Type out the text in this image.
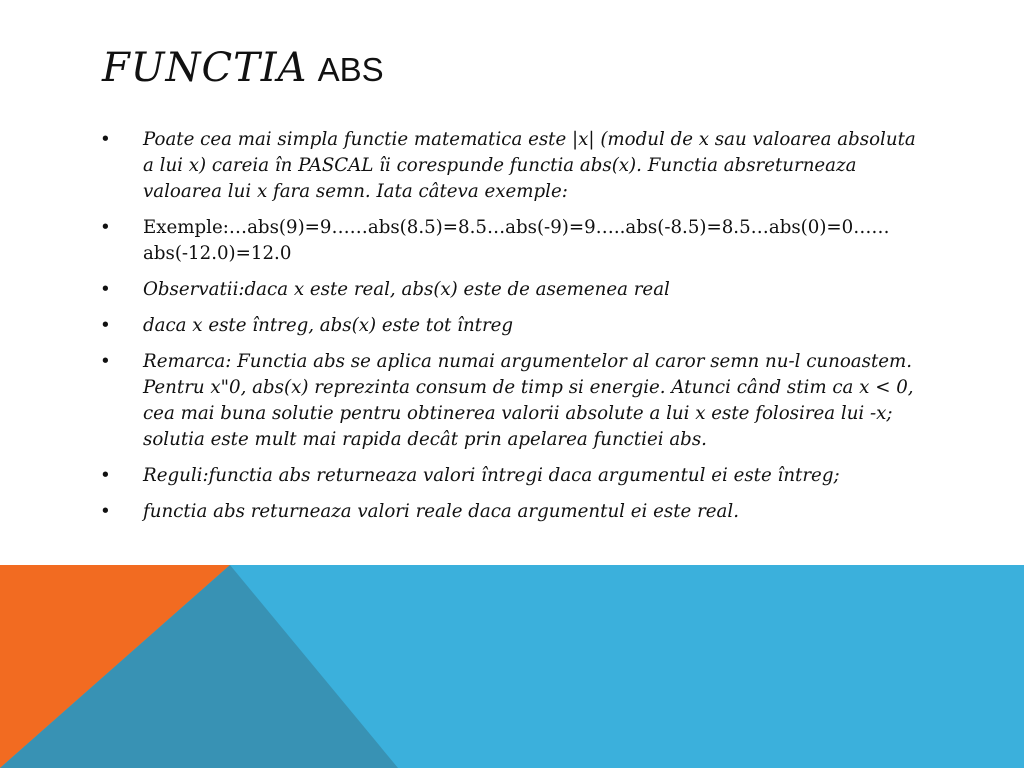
FUNCTIA ABS
• Poate cea mai simpla functie matematica este |x| (modul de x sau valoarea absoluta a lui x) careia în PASCAL îi corespunde functia abs(x). Functia absreturneaza valoarea lui x fara semn. Iata câteva exemple:
• Exemple:…abs(9)=9……abs(8.5)=8.5…abs(-9)=9…..abs(-8.5)=8.5…abs(0)=0……abs(-12.0)=12.0
• Observatii:daca x este real, abs(x) este de asemenea real
• daca x este întreg, abs(x) este tot întreg
• Remarca: Functia abs se aplica numai argumentelor al caror semn nu-l cunoastem. Pentru x"0, abs(x) reprezinta consum de timp si energie. Atunci când stim ca x < 0, cea mai buna solutie pentru obtinerea valorii absolute a lui x este folosirea lui -x; solutia este mult mai rapida decât prin apelarea functiei abs.
• Reguli:functia abs returneaza valori întregi daca argumentul ei este întreg;
• functia abs returneaza valori reale daca argumentul ei este real.
